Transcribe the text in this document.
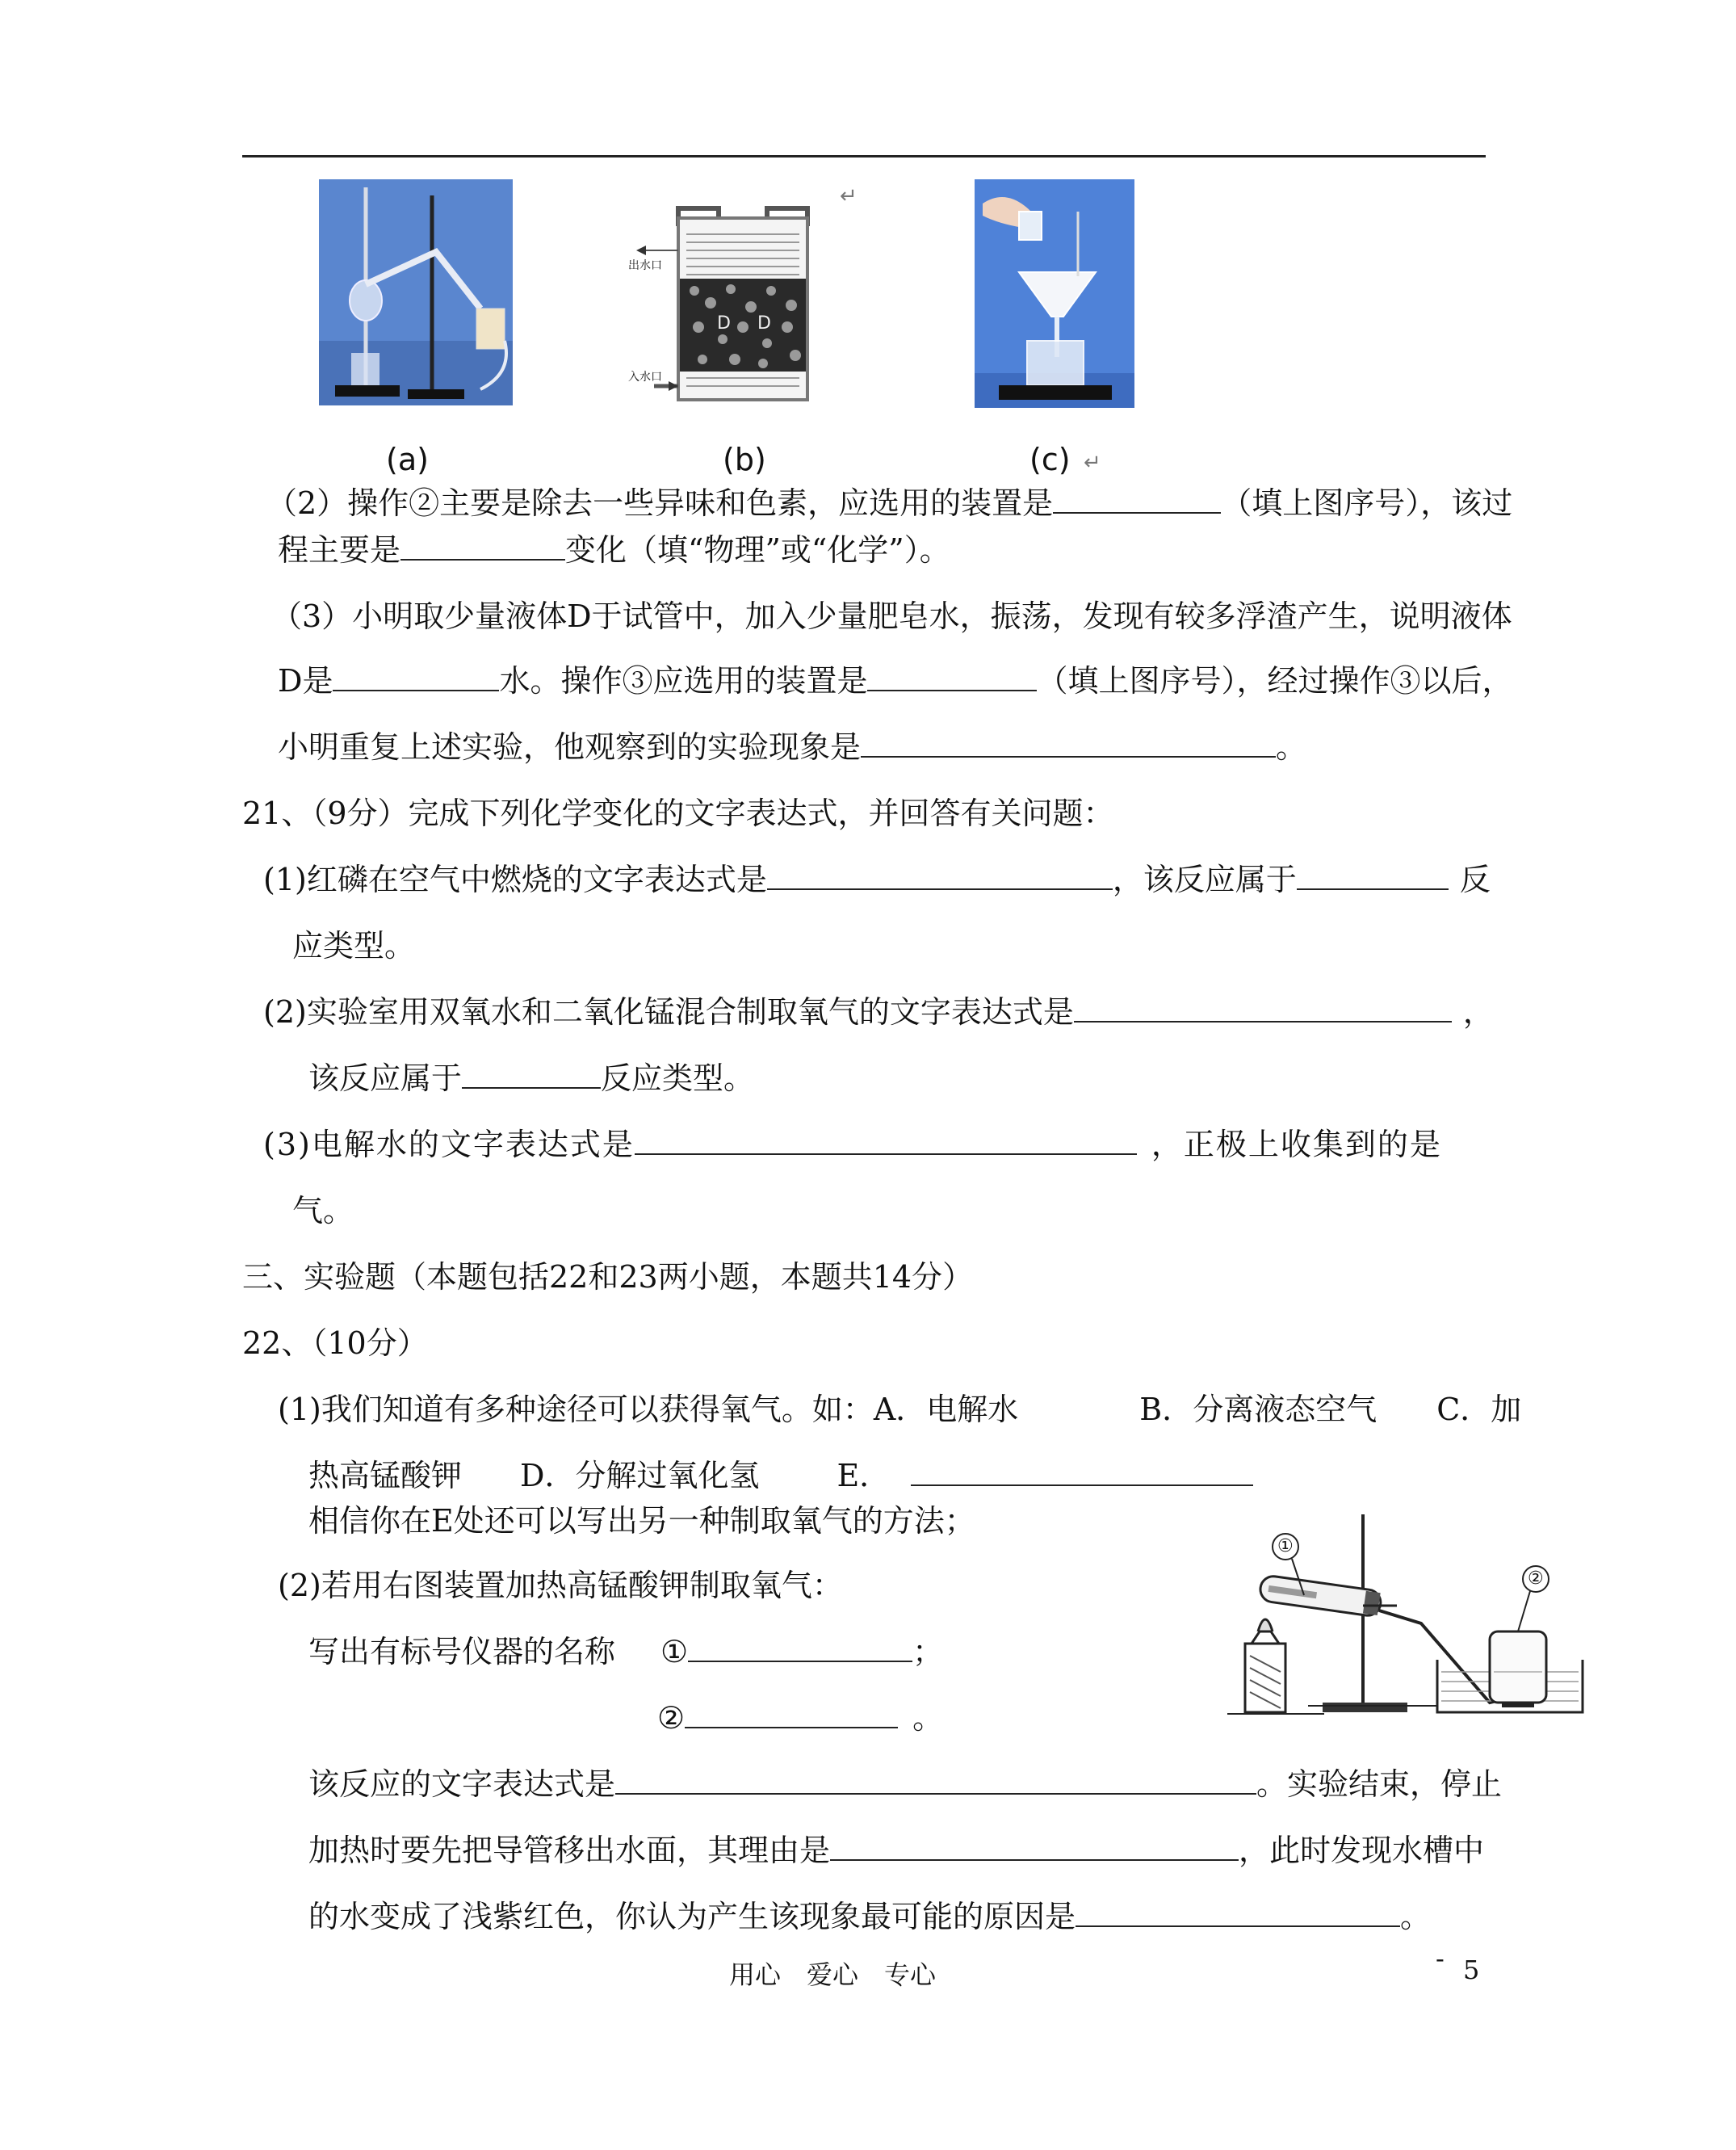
(a)
出水口
入水口
D D
↵
(b)	(c) ↵
（2）操作②主要是除去一些异味和色素，应选用的装置是	（填上图序号），该过
程主要是	变化（填“物理”或“化学”）。
（3）小明取少量液体D于试管中，加入少量肥皂水，振荡，发现有较多浮渣产生，说明液体
D是	水。操作③应选用的装置是	（填上图序号），经过操作③以后，
小明重复上述实验，他观察到的实验现象是	。
21、（9分）完成下列化学变化的文字表达式，并回答有关问题：
(1)红磷在空气中燃烧的文字表达式是	，该反应属于	反
应类型。
(2)实验室用双氧水和二氧化锰混合制取氧气的文字表达式是	，
该反应属于	反应类型。
(3)电解水的文字表达式是	，正极上收集到的是
气。
三、实验题（本题包括22和23两小题，本题共14分）
22、（10分）
(1)我们知道有多种途径可以获得氧气。如：A．电解水	B．分离液态空气 C．加
热高锰酸钾 D．分解过氧化氢	E．
相信你在E处还可以写出另一种制取氧气的方法；
(2)若用右图装置加热高锰酸钾制取氧气：
写出有标号仪器的名称 ①	；
②	。
该反应的文字表达式是	。实验结束，停止
加热时要先把导管移出水面，其理由是	，此时发现水槽中
的水变成了浅紫红色，你认为产生该现象最可能的原因是	。
①
②
用心　爱心　专心
- 5
